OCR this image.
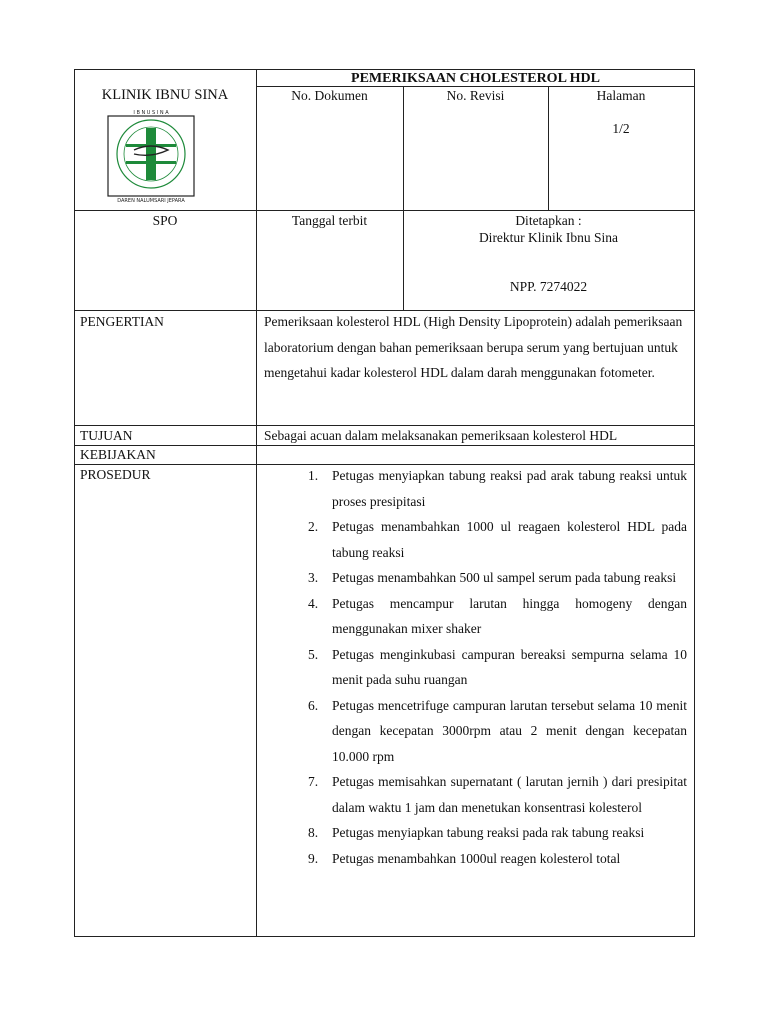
KLINIK IBNU SINA
I B N U S I N A
DAREN NALUMSARI JEPARA
PEMERIKSAAN CHOLESTEROL HDL
No. Dokumen	No. Revisi	Halaman
1/2
SPO	Tanggal terbit	Ditetapkan :
Direktur Klinik Ibnu Sina
NPP. 7274022
PENGERTIAN	Pemeriksaan kolesterol HDL (High Density Lipoprotein) adalah pemeriksaan laboratorium dengan bahan pemeriksaan berupa serum yang bertujuan untuk mengetahui kadar kolesterol HDL dalam darah menggunakan fotometer.
TUJUAN	Sebagai acuan dalam melaksanakan pemeriksaan kolesterol HDL
KEBIJAKAN
PROSEDUR	1. Petugas menyiapkan tabung reaksi pad arak tabung reaksi untuk proses presipitasi
2. Petugas menambahkan 1000 ul reagaen kolesterol HDL pada tabung reaksi
3. Petugas menambahkan 500 ul sampel serum pada tabung reaksi
4. Petugas mencampur larutan hingga homogeny dengan menggunakan mixer shaker
5. Petugas menginkubasi campuran bereaksi sempurna selama 10 menit pada suhu ruangan
6. Petugas mencetrifuge campuran larutan tersebut selama 10 menit dengan kecepatan 3000rpm atau 2 menit dengan kecepatan 10.000 rpm
7. Petugas memisahkan supernatant ( larutan jernih ) dari presipitat dalam waktu 1 jam dan menetukan konsentrasi kolesterol
8. Petugas menyiapkan tabung reaksi pada rak tabung reaksi
9. Petugas menambahkan 1000ul reagen kolesterol total
